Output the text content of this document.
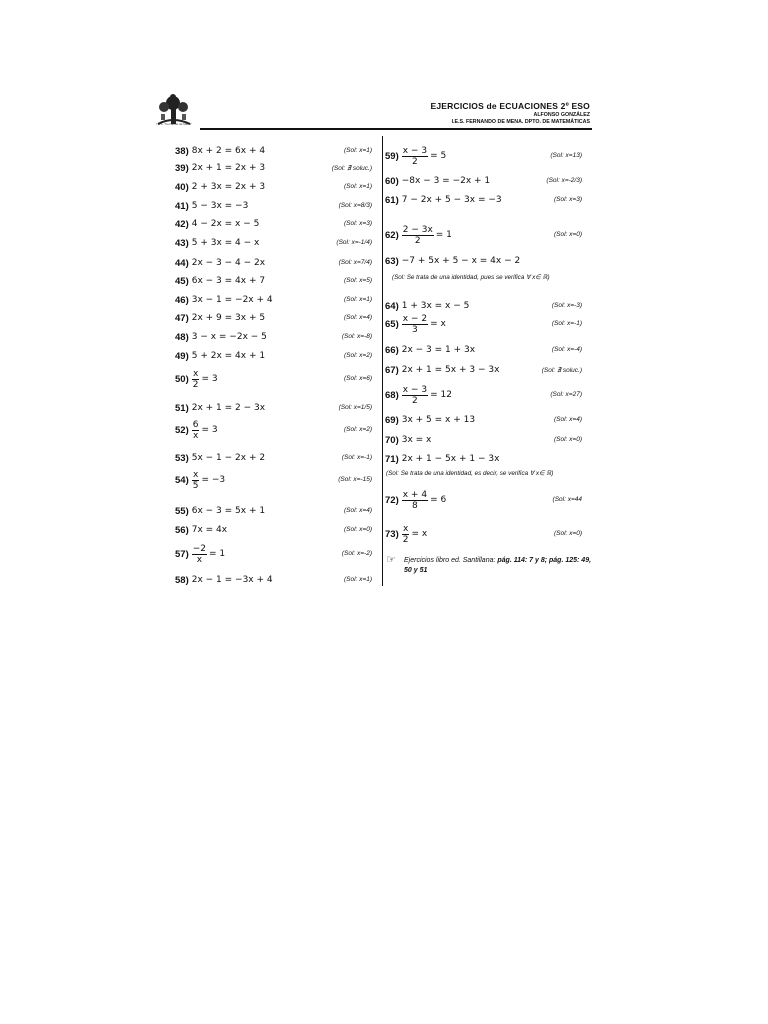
I.E.S. "Fernando de Mena"
EJERCICIOS de ECUACIONES 2º ESO
ALFONSO GONZÁLEZ
I.E.S. FERNANDO DE MENA. DPTO. DE MATEMÁTICAS
38) 8x + 2 = 6x + 4	(Sol: x=1)
39) 2x + 1 = 2x + 3	(Sol: ∄ soluc.)
40) 2 + 3x = 2x + 3	(Sol: x=1)
41) 5 − 3x = −3	(Sol: x=8/3)
42) 4 − 2x = x − 5	(Sol: x=3)
43) 5 + 3x = 4 − x	(Sol: x=-1/4)
44) 2x − 3 − 4 − 2x	(Sol: x=7/4)
45) 6x − 3 = 4x + 7	(Sol: x=5)
46) 3x − 1 = −2x + 4	(Sol: x=1)
47) 2x + 9 = 3x + 5	(Sol: x=4)
48) 3 − x = −2x − 5	(Sol: x=-8)
49) 5 + 2x = 4x + 1	(Sol: x=2)
$50) \frac{x}{2} = 3$	(Sol: x=6)
51) 2x + 1 = 2 − 3x	(Sol: x=1/5)
$52) \frac{6}{x} = 3$	(Sol: x=2)
53) 5x − 1 − 2x + 2	(Sol: x=-1)
$54) \frac{x}{5} = -3$	(Sol: x=-15)
55) 6x − 3 = 5x + 1	(Sol: x=4)
56) 7x = 4x	(Sol: x=0)
$57) \frac{-2}{x} = 1$	(Sol: x=-2)
58) 2x − 1 = −3x + 4	(Sol: x=1)
$59) \frac{x - 3}{2} = 5$	(Sol: x=13)
60) −8x − 3 = −2x + 1	(Sol: x=-2/3)
61) 7 − 2x + 5 − 3x = −3	(Sol: x=3)
$62) \frac{2 - 3x}{2} = 1$	(Sol: x=0)
63) −7 + 5x + 5 − x = 4x − 2
64) 1 + 3x = x − 5	(Sol: x=-3)
$65) \frac{x - 2}{3} = x$	(Sol: x=-1)
66) 2x − 3 = 1 + 3x	(Sol: x=-4)
67) 2x + 1 = 5x + 3 − 3x	(Sol: ∄ soluc.)
$68) \frac{x - 3}{2} = 12$	(Sol: x=27)
69) 3x + 5 = x + 13	(Sol: x=4)
70) 3x = x	(Sol: x=0)
71) 2x + 1 − 5x + 1 − 3x
$72) \frac{x + 4}{8} = 6$	(Sol: x=44
$73) \frac{x}{2} = x$	(Sol: x=0)
(Sol: Se trata de una identidad, pues se verifica ∀ x∈ ℝ)
(Sol: Se trata de una identidad, es decir, se verifica ∀ x∈ ℝ)
☞ Ejercicios libro ed. Santillana: pág. 114: 7 y 8; pág. 125: 49, 50 y 51
